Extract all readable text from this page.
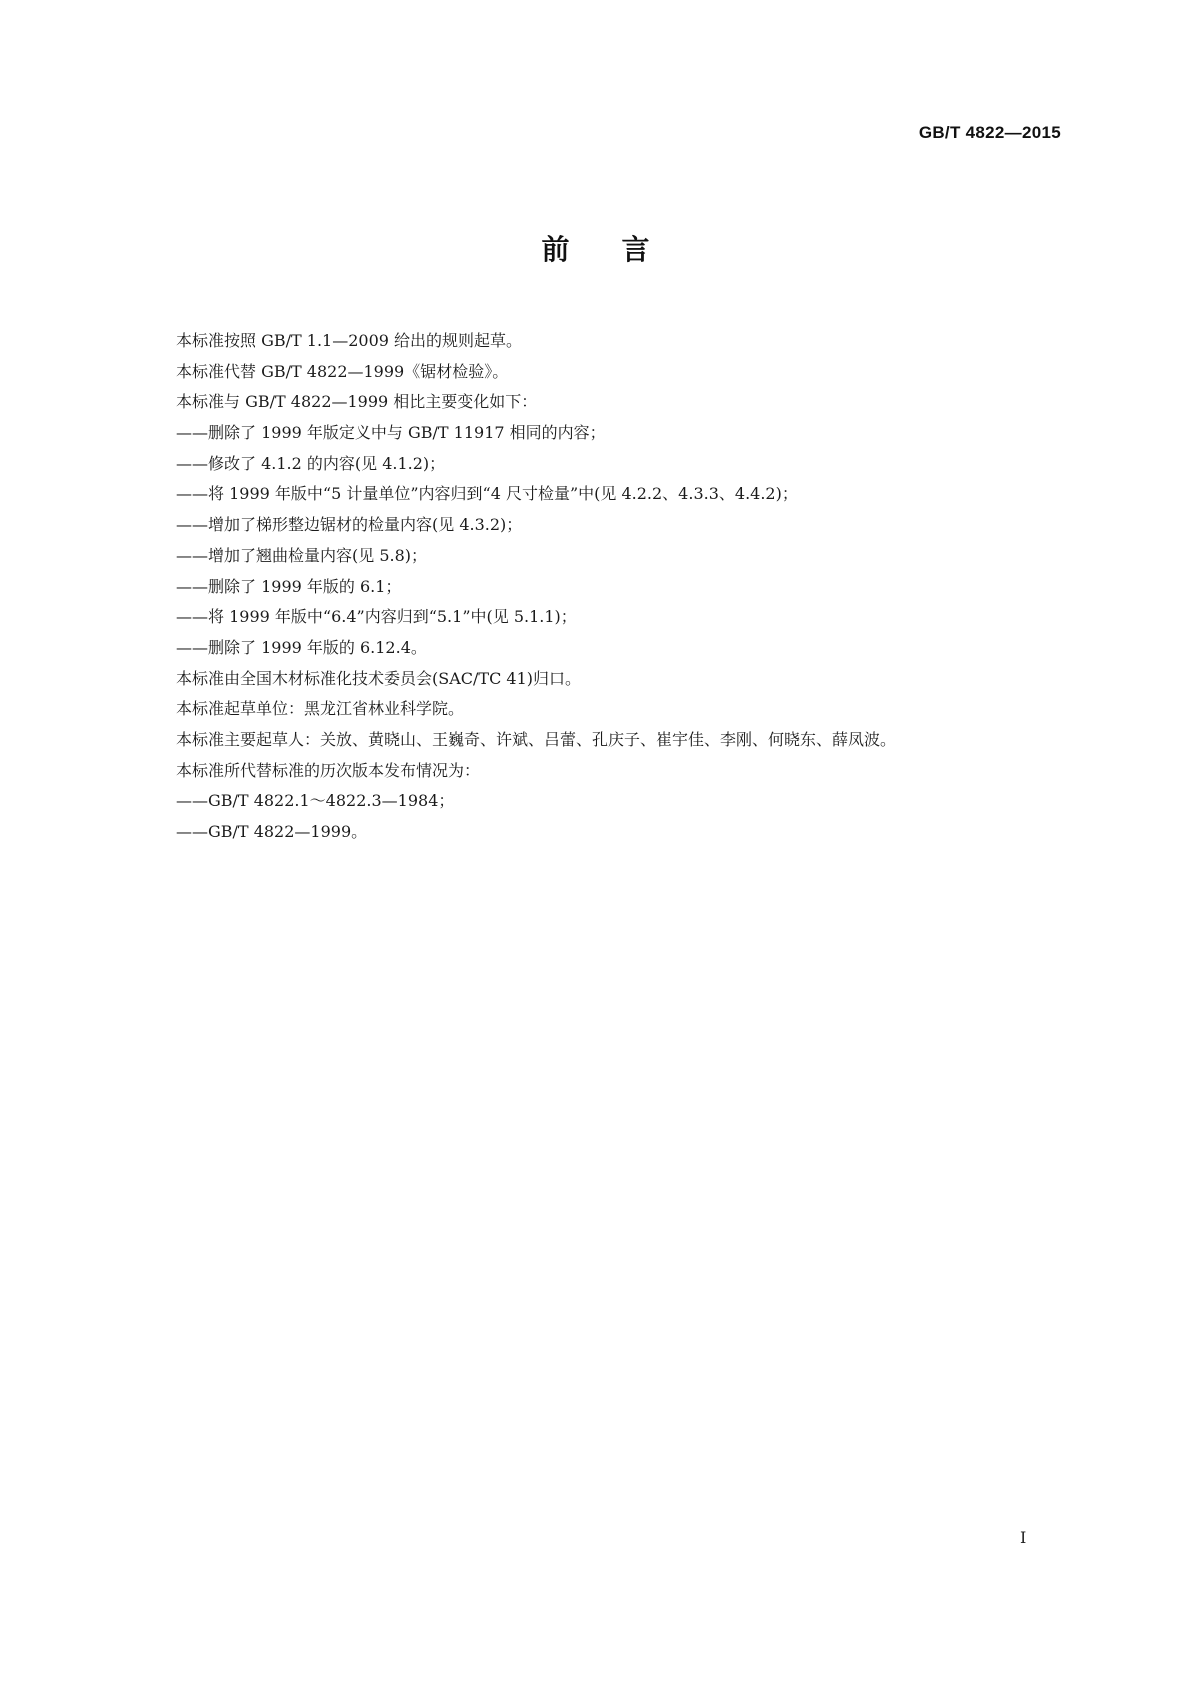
GB/T 4822—2015
前言
本标准按照 GB/T 1.1—2009 给出的规则起草。
本标准代替 GB/T 4822—1999《锯材检验》。
本标准与 GB/T 4822—1999 相比主要变化如下：
——删除了 1999 年版定义中与 GB/T 11917 相同的内容；
——修改了 4.1.2 的内容(见 4.1.2)；
——将 1999 年版中“5 计量单位”内容归到“4 尺寸检量”中(见 4.2.2、4.3.3、4.4.2)；
——增加了梯形整边锯材的检量内容(见 4.3.2)；
——增加了翘曲检量内容(见 5.8)；
——删除了 1999 年版的 6.1；
——将 1999 年版中“6.4”内容归到“5.1”中(见 5.1.1)；
——删除了 1999 年版的 6.12.4。
本标准由全国木材标准化技术委员会(SAC/TC 41)归口。
本标准起草单位：黑龙江省林业科学院。
本标准主要起草人：关放、黄晓山、王巍奇、许斌、吕蕾、孔庆子、崔宇佳、李刚、何晓东、薛凤波。
本标准所代替标准的历次版本发布情况为：
——GB/T 4822.1～4822.3—1984；
——GB/T 4822—1999。
I
